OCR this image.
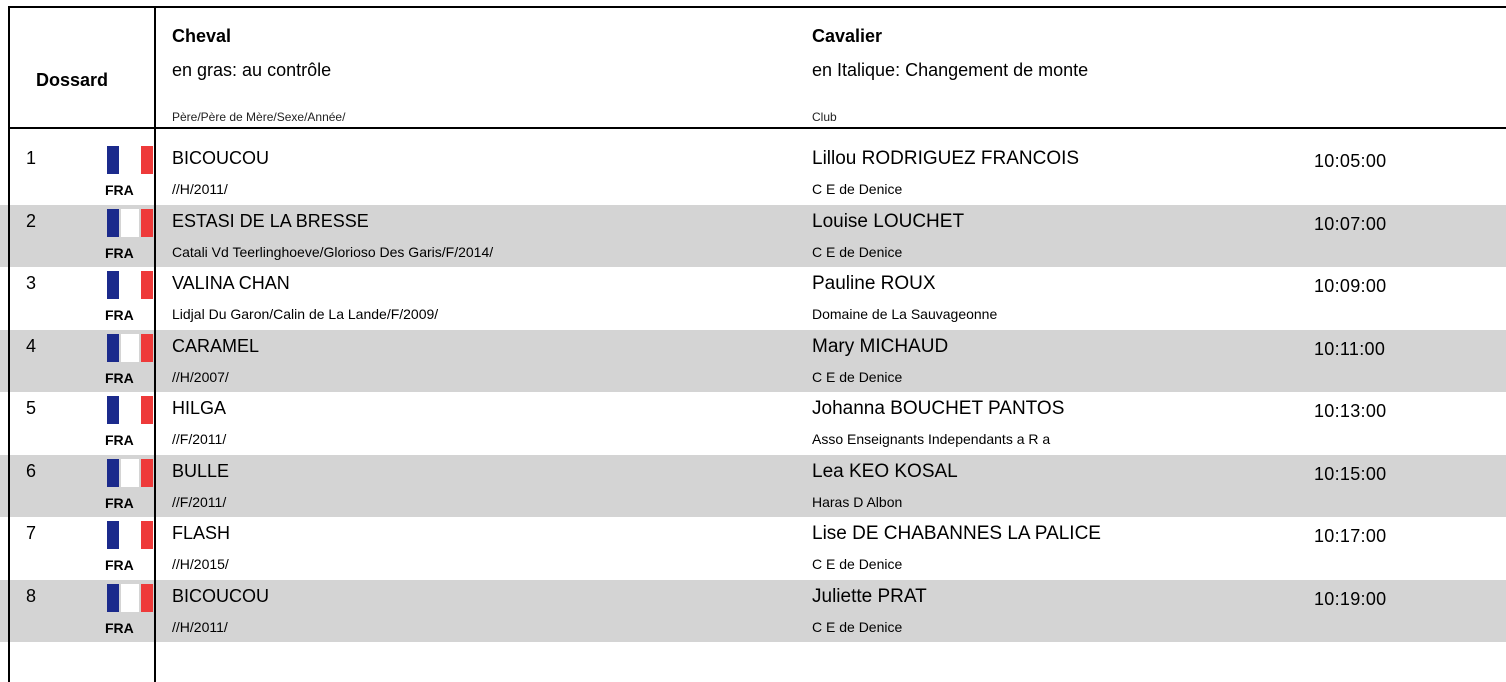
Dossard
Cheval
en gras: au contrôle
Père/Père de Mère/Sexe/Année/
Cavalier
en Italique: Changement de monte
Club
1
FRA
BICOUCOU
//H/2011/
Lillou RODRIGUEZ FRANCOIS
C E de Denice
10:05:00
2
FRA
ESTASI DE LA BRESSE
Catali Vd Teerlinghoeve/Glorioso Des Garis/F/2014/
Louise LOUCHET
C E de Denice
10:07:00
3
FRA
VALINA CHAN
Lidjal Du Garon/Calin de La Lande/F/2009/
Pauline ROUX
Domaine de La Sauvageonne
10:09:00
4
FRA
CARAMEL
//H/2007/
Mary MICHAUD
C E de Denice
10:11:00
5
FRA
HILGA
//F/2011/
Johanna BOUCHET PANTOS
Asso Enseignants Independants a R a
10:13:00
6
FRA
BULLE
//F/2011/
Lea KEO KOSAL
Haras D Albon
10:15:00
7
FRA
FLASH
//H/2015/
Lise DE CHABANNES LA PALICE
C E de Denice
10:17:00
8
FRA
BICOUCOU
//H/2011/
Juliette PRAT
C E de Denice
10:19:00
